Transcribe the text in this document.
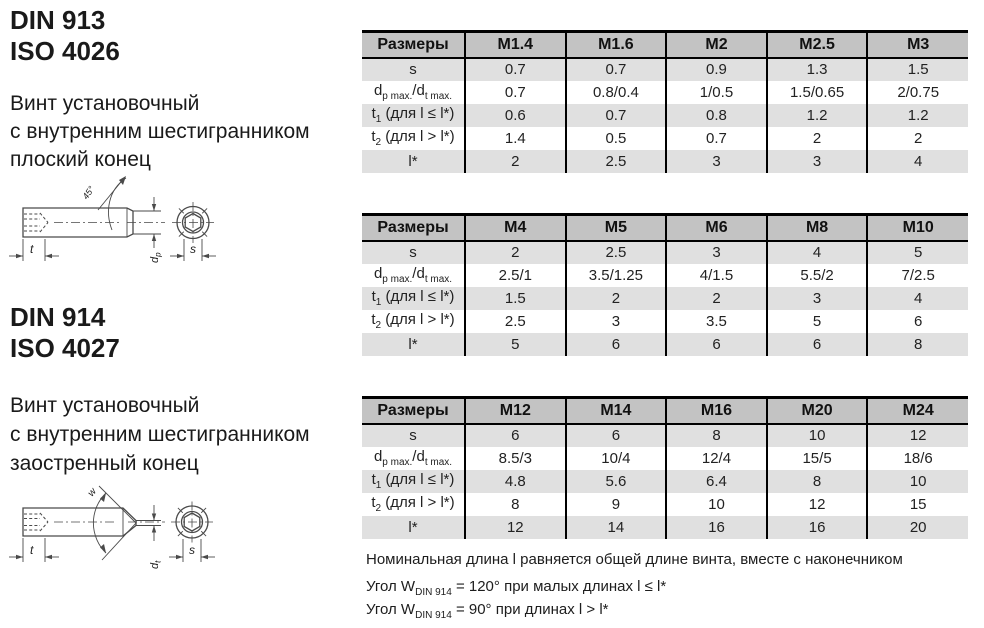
DIN 913
ISO 4026
Винт установочный
с внутренним шестигранником
плоский конец
45°
t
$d_p$ s
DIN 914
ISO 4027
Винт установочный
с внутренним шестигранником
заостренный конец
w
t
$d_t$
s
Размеры	M1.4	M1.6	M2	M2.5	M3
s	0.7	0.7	0.9	1.3	1.5
$d_{p max.}/d_{t max.}$	0.7	0.8/0.4	1/0.5	1.5/0.65	2/0.75
$t_1$ (для l ≤ l*)	0.6	0.7	0.8	1.2	1.2
$t_2$ (для l > l*)	1.4	0.5	0.7	2	2
l*	2	2.5	3	3	4
Размеры	M4	M5	M6	M8	M10
s	2	2.5	3	4	5
$d_{p max.}/d_{t max.}$	2.5/1	3.5/1.25	4/1.5	5.5/2	7/2.5
$t_1$ (для l ≤ l*)	1.5	2	2	3	4
$t_2$ (для l > l*)	2.5	3	3.5	5	6
l*	5	6	6	6	8
Размеры	M12	M14	M16	M20	M24
s	6	6	8	10	12
$d_{p max.}/d_{t max.}$	8.5/3	10/4	12/4	15/5	18/6
$t_1$ (для l ≤ l*)	4.8	5.6	6.4	8	10
$t_2$ (для l > l*)	8	9	10	12	15
l*	12	14	16	16	20
Номинальная длина l равняется общей длине винта, вместе с наконечником
Угол $W_{DIN 914} = 120^\circ$ при малых длинах l ≤ l*
Угол $W_{DIN 914} = 90^\circ$ при длинах l > l*
